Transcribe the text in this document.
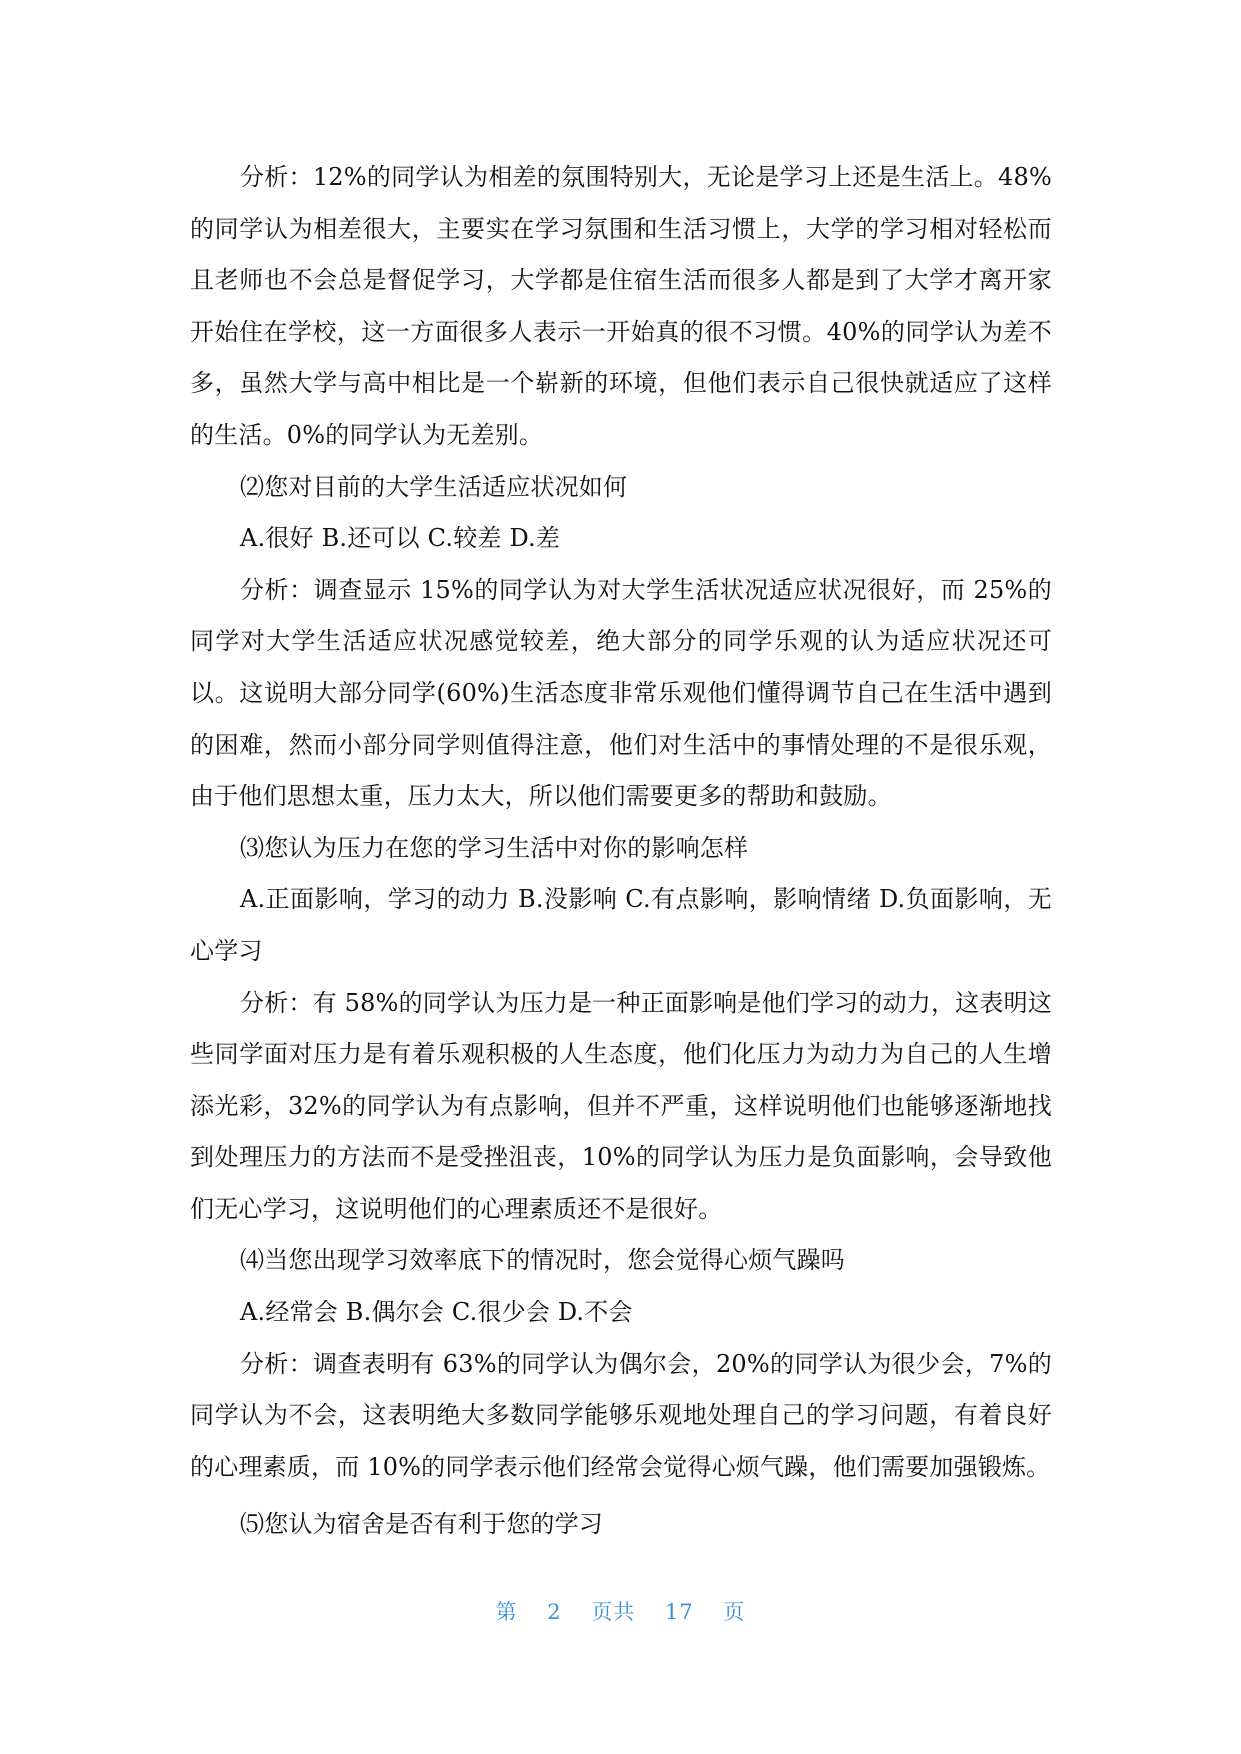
分析：12%的同学认为相差的氛围特别大，无论是学习上还是生活上。48%的同学认为相差很大，主要实在学习氛围和生活习惯上，大学的学习相对轻松而且老师也不会总是督促学习，大学都是住宿生活而很多人都是到了大学才离开家开始住在学校，这一方面很多人表示一开始真的很不习惯。40%的同学认为差不多，虽然大学与高中相比是一个崭新的环境，但他们表示自己很快就适应了这样的生活。0%的同学认为无差别。

⑵您对目前的大学生活适应状况如何

A.很好 B.还可以 C.较差 D.差

分析：调查显示 15%的同学认为对大学生活状况适应状况很好，而 25%的同学对大学生活适应状况感觉较差，绝大部分的同学乐观的认为适应状况还可以。这说明大部分同学(60%)生活态度非常乐观他们懂得调节自己在生活中遇到的困难，然而小部分同学则值得注意，他们对生活中的事情处理的不是很乐观，由于他们思想太重，压力太大，所以他们需要更多的帮助和鼓励。

⑶您认为压力在您的学习生活中对你的影响怎样

A.正面影响，学习的动力 B.没影响 C.有点影响，影响情绪 D.负面影响，无心学习

分析：有 58%的同学认为压力是一种正面影响是他们学习的动力，这表明这些同学面对压力是有着乐观积极的人生态度，他们化压力为动力为自己的人生增添光彩，32%的同学认为有点影响，但并不严重，这样说明他们也能够逐渐地找到处理压力的方法而不是受挫沮丧，10%的同学认为压力是负面影响，会导致他们无心学习，这说明他们的心理素质还不是很好。

⑷当您出现学习效率底下的情况时，您会觉得心烦气躁吗

A.经常会 B.偶尔会 C.很少会 D.不会

分析：调查表明有 63%的同学认为偶尔会，20%的同学认为很少会，7%的同学认为不会，这表明绝大多数同学能够乐观地处理自己的学习问题，有着良好的心理素质，而 10%的同学表示他们经常会觉得心烦气躁，他们需要加强锻炼。

⑸您认为宿舍是否有利于您的学习

第 2 页共 17 页
